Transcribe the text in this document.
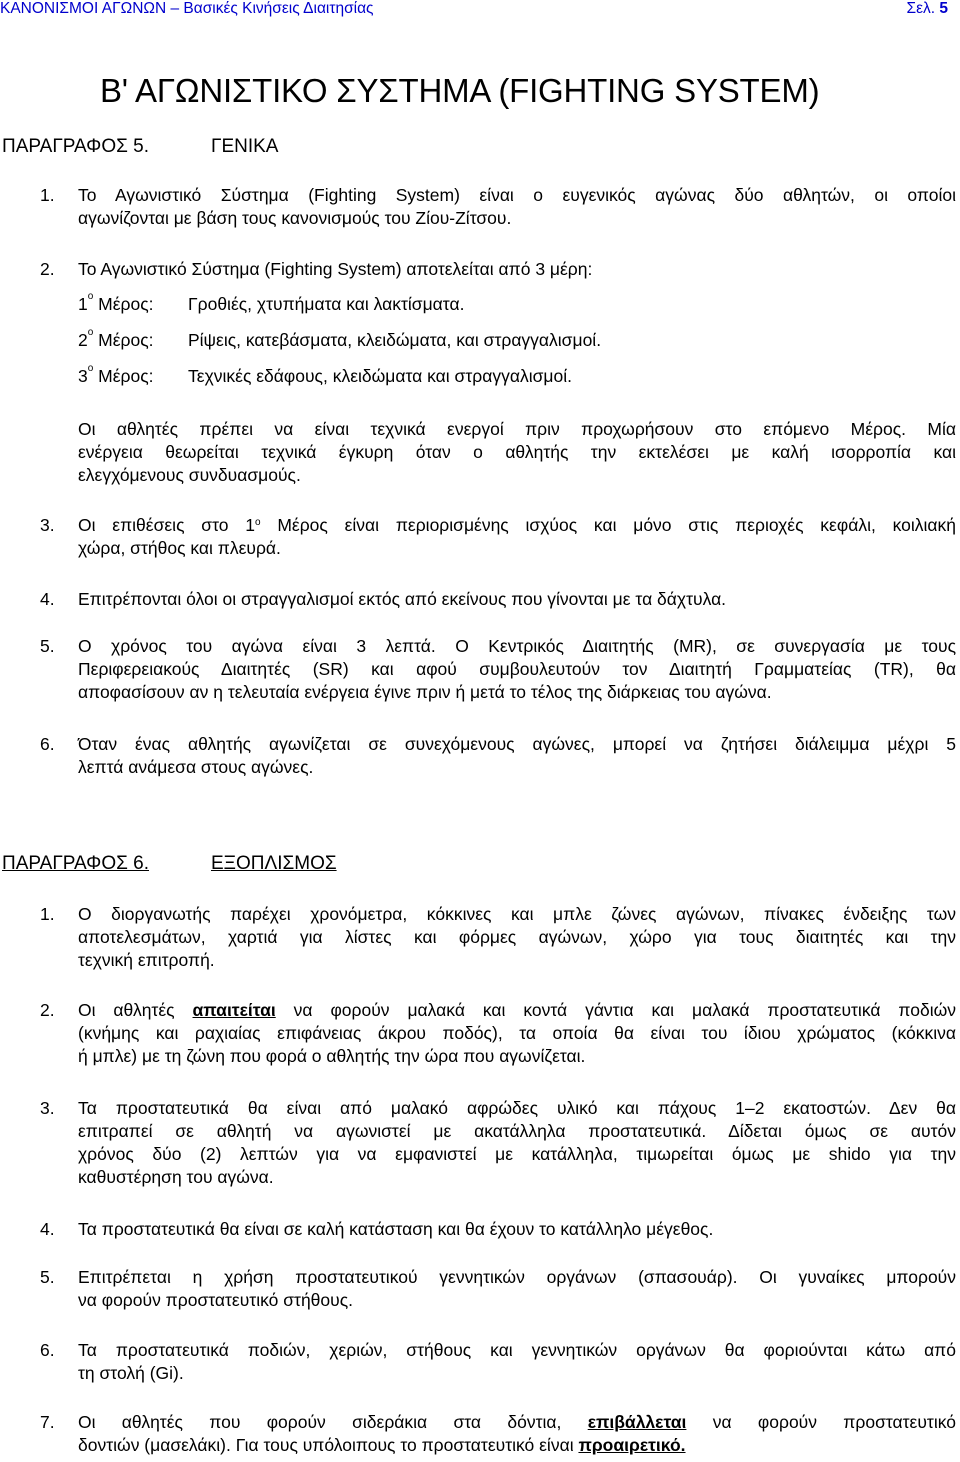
ΚΑΝΟΝΙΣΜΟΙ ΑΓΩΝΩΝ – Βασικές Κινήσεις Διαιτησίας	Σελ. 5
Β' ΑΓΩΝΙΣΤΙΚΟ ΣΥΣΤΗΜΑ (FIGHTING SYSTEM)
ΠΑΡΑΓΡΑΦΟΣ 5.	ΓΕΝΙΚΑ
1. Το Αγωνιστικό Σύστημα (Fighting System) είναι ο ευγενικός αγώνας δύο αθλητών, οι οποίοι
αγωνίζονται με βάση τους κανονισμούς του Ζίου-Ζίτσου.
2. Το Αγωνιστικό Σύστημα (Fighting System) αποτελείται από 3 μέρη:
$1^o$ Μέρος: Γροθιές, χτυπήματα και λακτίσματα.
$2^o$ Μέρος: Ρίψεις, κατεβάσματα, κλειδώματα, και στραγγαλισμοί.
$3^o$ Μέρος: Τεχνικές εδάφους, κλειδώματα και στραγγαλισμοί.
Οι αθλητές πρέπει να είναι τεχνικά ενεργοί πριν προχωρήσουν στο επόμενο Μέρος. Μία
ενέργεια θεωρείται τεχνικά έγκυρη όταν ο αθλητής την εκτελέσει με καλή ισορροπία και
ελεγχόμενους συνδυασμούς.
3. Οι επιθέσεις στο $1^o$ Μέρος είναι περιορισμένης ισχύος και μόνο στις περιοχές κεφάλι, κοιλιακή
χώρα, στήθος και πλευρά.
4. Επιτρέπονται όλοι οι στραγγαλισμοί εκτός από εκείνους που γίνονται με τα δάχτυλα.
5. Ο χρόνος του αγώνα είναι 3 λεπτά. Ο Κεντρικός Διαιτητής (MR), σε συνεργασία με τους
Περιφερειακούς Διαιτητές (SR) και αφού συμβουλευτούν τον Διαιτητή Γραμματείας (TR), θα
αποφασίσουν αν η τελευταία ενέργεια έγινε πριν ή μετά το τέλος της διάρκειας του αγώνα.
6. Όταν ένας αθλητής αγωνίζεται σε συνεχόμενους αγώνες, μπορεί να ζητήσει διάλειμμα μέχρι 5
λεπτά ανάμεσα στους αγώνες.
ΠΑΡΑΓΡΑΦΟΣ 6.	ΕΞΟΠΛΙΣΜΟΣ
1. Ο διοργανωτής παρέχει χρονόμετρα, κόκκινες και μπλε ζώνες αγώνων, πίνακες ένδειξης των
αποτελεσμάτων, χαρτιά για λίστες και φόρμες αγώνων, χώρο για τους διαιτητές και την
τεχνική επιτροπή.
2. Οι αθλητές απαιτείται να φορούν μαλακά και κοντά γάντια και μαλακά προστατευτικά ποδιών
(κνήμης και ραχιαίας επιφάνειας άκρου ποδός), τα οποία θα είναι του ίδιου χρώματος (κόκκινα
ή μπλε) με τη ζώνη που φορά ο αθλητής την ώρα που αγωνίζεται.
3. Τα προστατευτικά θα είναι από μαλακό αφρώδες υλικό και πάχους 1–2 εκατοστών. Δεν θα
επιτραπεί σε αθλητή να αγωνιστεί με ακατάλληλα προστατευτικά. Δίδεται όμως σε αυτόν
χρόνος δύο (2) λεπτών για να εμφανιστεί με κατάλληλα, τιμωρείται όμως με shido για την
καθυστέρηση του αγώνα.
4. Τα προστατευτικά θα είναι σε καλή κατάσταση και θα έχουν το κατάλληλο μέγεθος.
5. Επιτρέπεται η χρήση προστατευτικού γεννητικών οργάνων (σπασουάρ). Οι γυναίκες μπορούν
να φορούν προστατευτικό στήθους.
6. Τα προστατευτικά ποδιών, χεριών, στήθους και γεννητικών οργάνων θα φοριούνται κάτω από
τη στολή (Gi).
7. Οι αθλητές που φορούν σιδεράκια στα δόντια, επιβάλλεται να φορούν προστατευτικό
δοντιών (μασελάκι). Για τους υπόλοιπους το προστατευτικό είναι προαιρετικό.
